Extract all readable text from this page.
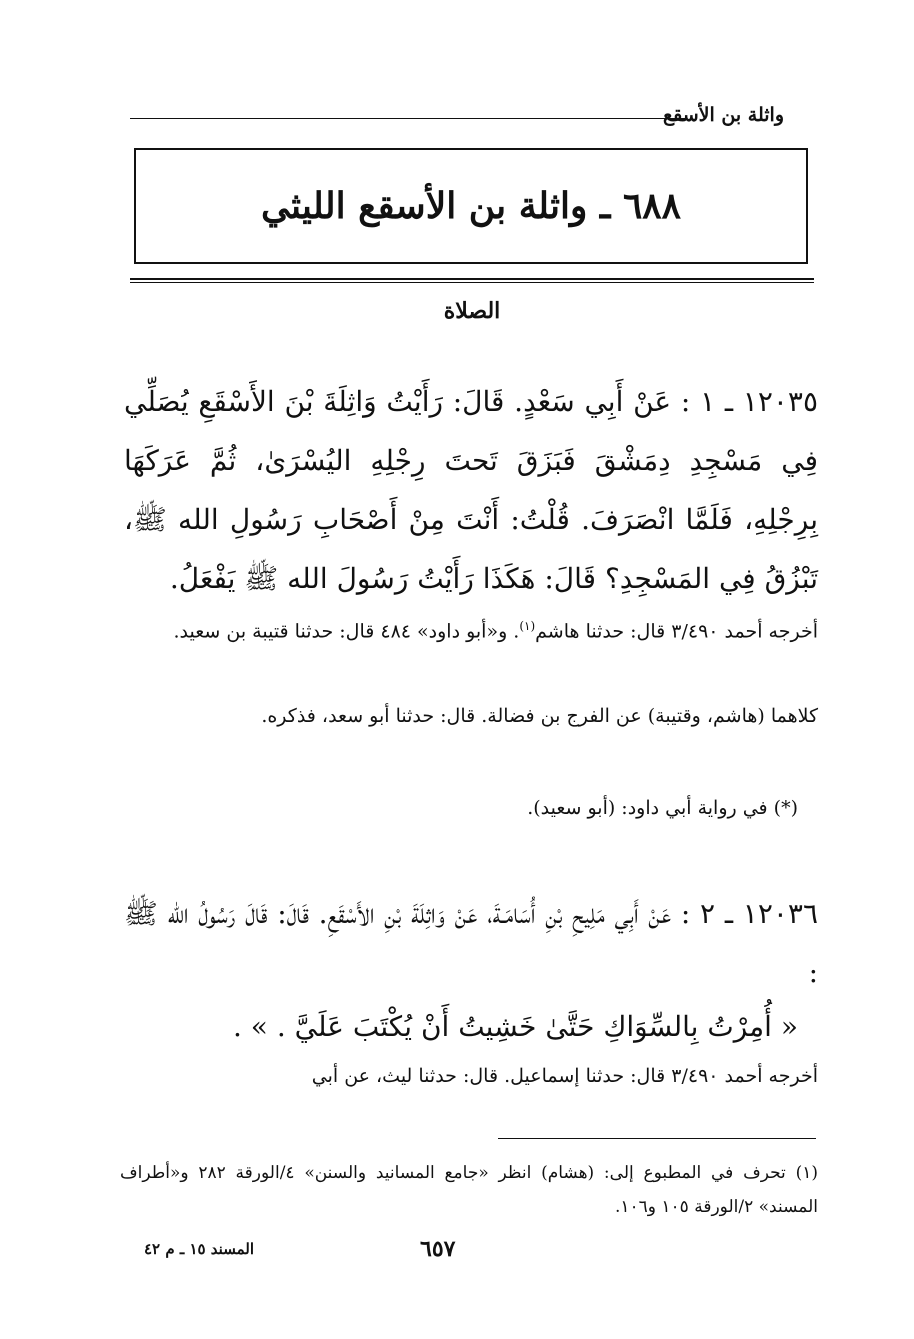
واثلة بن الأسقع
٦٨٨ ـ واثلة بن الأسقع الليثي
الصلاة

١٢٠٣٥ ـ ١ : عَنْ أَبِي سَعْدٍ. قَالَ: رَأَيْتُ وَاثِلَةَ بْنَ الأَسْقَعِ يُصَلِّي فِي مَسْجِدِ دِمَشْقَ فَبَزَقَ تَحتَ رِجْلِهِ اليُسْرَىٰ، ثُمَّ عَرَكَهَا بِرِجْلِهِ، فَلَمَّا انْصَرَفَ. قُلْتُ: أَنْتَ مِنْ أَصْحَابِ رَسُولِ الله ﷺ، تَبْزُقُ فِي المَسْجِدِ؟ قَالَ: هَكَذَا رَأَيْتُ رَسُولَ الله ﷺ يَفْعَلُ.

أخرجه أحمد ٣/٤٩٠ قال: حدثنا هاشم$^{(١)}$. و«أبو داود» ٤٨٤ قال: حدثنا قتيبة بن سعيد.

كلاهما (هاشم، وقتيبة) عن الفرج بن فضالة. قال: حدثنا أبو سعد، فذكره.

(*) في رواية أبي داود: (أبو سعيد).

١٢٠٣٦ ـ ٢ : عَنْ أَبِي مَلِيحِ بْنِ أُسَامَـةَ، عَنْ وَاثِلَةَ بْنِ الأَسْقَعِ. قَالَ: قَالَ رَسُولُ الله ﷺ :

« أُمِرْتُ بِالسِّوَاكِ حَتَّىٰ خَشِيتُ أَنْ يُكْتَبَ عَلَيَّ . » .

أخرجه أحمد ٣/٤٩٠ قال: حدثنا إسماعيل. قال: حدثنا ليث، عن أبي

(١) تحرف في المطبوع إلى: (هشام) انظر «جامع المسانيد والسنن» ٤/الورقة ٢٨٢ و«أطراف المسند» ٢/الورقة ١٠٥ و١٠٦.

المسند ١٥ ـ م ٤٢	٦٥٧
